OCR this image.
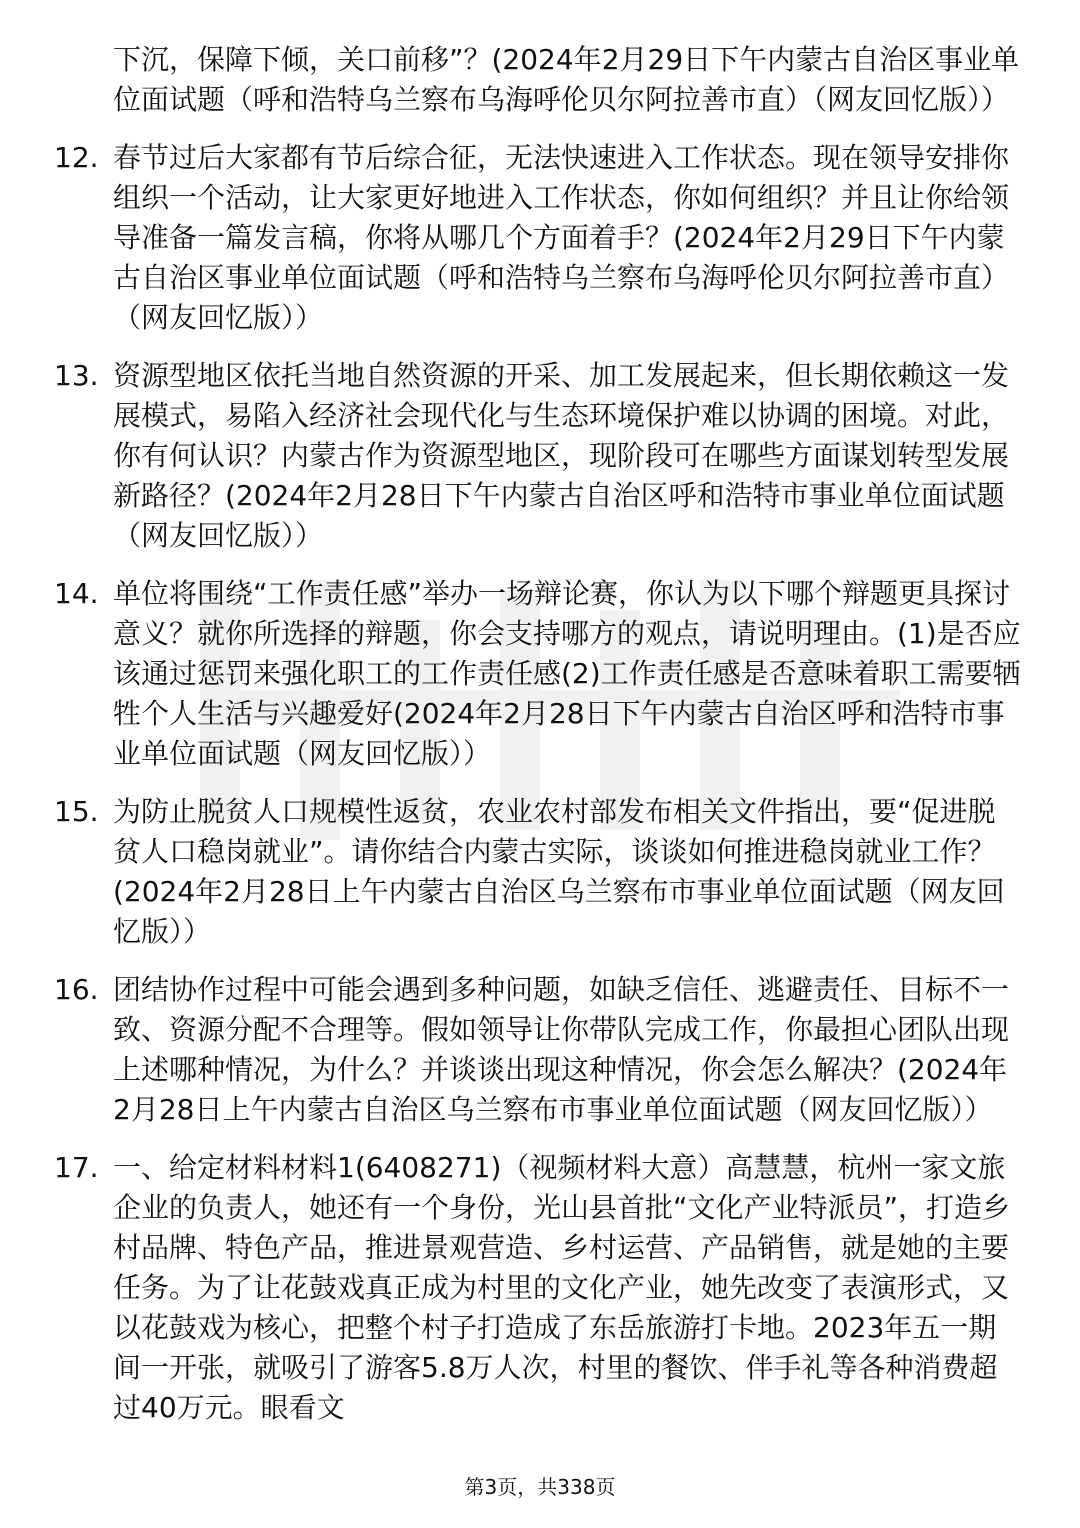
下沉，保障下倾，关口前移”？(2024年2月29日下午内蒙古自治区事业单位面试题（呼和浩特乌兰察布乌海呼伦贝尔阿拉善市直）（网友回忆版））

12. 春节过后大家都有节后综合征，无法快速进入工作状态。现在领导安排你组织一个活动，让大家更好地进入工作状态，你如何组织？并且让你给领导准备一篇发言稿，你将从哪几个方面着手？(2024年2月29日下午内蒙古自治区事业单位面试题（呼和浩特乌兰察布乌海呼伦贝尔阿拉善市直）（网友回忆版））
13. 资源型地区依托当地自然资源的开采、加工发展起来，但长期依赖这一发展模式，易陷入经济社会现代化与生态环境保护难以协调的困境。对此，你有何认识？内蒙古作为资源型地区，现阶段可在哪些方面谋划转型发展新路径？(2024年2月28日下午内蒙古自治区呼和浩特市事业单位面试题（网友回忆版））
14. 单位将围绕“工作责任感”举办一场辩论赛，你认为以下哪个辩题更具探讨意义？就你所选择的辩题，你会支持哪方的观点，请说明理由。(1)是否应该通过惩罚来强化职工的工作责任感(2)工作责任感是否意味着职工需要牺牲个人生活与兴趣爱好(2024年2月28日下午内蒙古自治区呼和浩特市事业单位面试题（网友回忆版））
15. 为防止脱贫人口规模性返贫，农业农村部发布相关文件指出，要“促进脱贫人口稳岗就业”。请你结合内蒙古实际，谈谈如何推进稳岗就业工作？(2024年2月28日上午内蒙古自治区乌兰察布市事业单位面试题（网友回忆版））
16. 团结协作过程中可能会遇到多种问题，如缺乏信任、逃避责任、目标不一致、资源分配不合理等。假如领导让你带队完成工作，你最担心团队出现上述哪种情况，为什么？并谈谈出现这种情况，你会怎么解决？(2024年2月28日上午内蒙古自治区乌兰察布市事业单位面试题（网友回忆版））
17. 一、给定材料材料1(6408271)（视频材料大意）高慧慧，杭州一家文旅企业的负责人，她还有一个身份，光山县首批“文化产业特派员”，打造乡村品牌、特色产品，推进景观营造、乡村运营、产品销售，就是她的主要任务。为了让花鼓戏真正成为村里的文化产业，她先改变了表演形式，又以花鼓戏为核心，把整个村子打造成了东岳旅游打卡地。2023年五一期间一开张，就吸引了游客5.8万人次，村里的餐饮、伴手礼等各种消费超过40万元。眼看文
第3页，共338页
